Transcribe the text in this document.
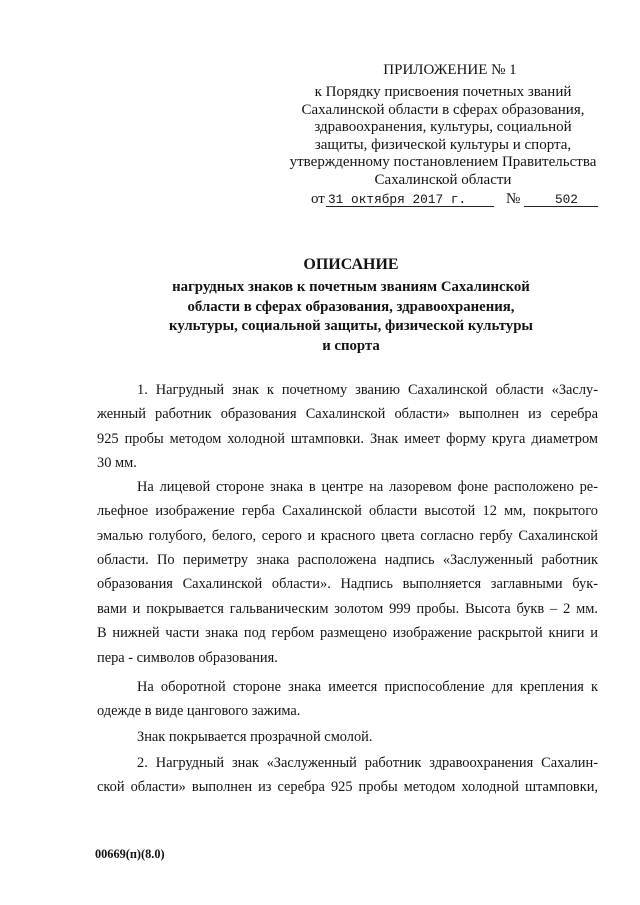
ПРИЛОЖЕНИЕ № 1
к Порядку присвоения почетных званий
Сахалинской области в сферах образования,
здравоохранения, культуры, социальной
защиты, физической культуры и спорта,
утвержденному постановлением Правительства
Сахалинской области
от 31 октября 2017 г.	№	502
ОПИСАНИЕ
нагрудных знаков к почетным званиям Сахалинской
области в сферах образования, здравоохранения,
культуры, социальной защиты, физической культуры
и спорта
1. Нагрудный знак к почетному званию Сахалинской области «Заслу-
женный работник образования Сахалинской области» выполнен из серебра
925 пробы методом холодной штамповки. Знак имеет форму круга диаметром
30 мм.
На лицевой стороне знака в центре на лазоревом фоне расположено ре-
льефное изображение герба Сахалинской области высотой 12 мм, покрытого
эмалью голубого, белого, серого и красного цвета согласно гербу Сахалинской
области. По периметру знака расположена надпись «Заслуженный работник
образования Сахалинской области». Надпись выполняется заглавными бук-
вами и покрывается гальваническим золотом 999 пробы. Высота букв – 2 мм.
В нижней части знака под гербом размещено изображение раскрытой книги и
пера - символов образования.
На оборотной стороне знака имеется приспособление для крепления к
одежде в виде цангового зажима.
Знак покрывается прозрачной смолой.
2. Нагрудный знак «Заслуженный работник здравоохранения Сахалин-
ской области» выполнен из серебра 925 пробы методом холодной штамповки,
00669(п)(8.0)
